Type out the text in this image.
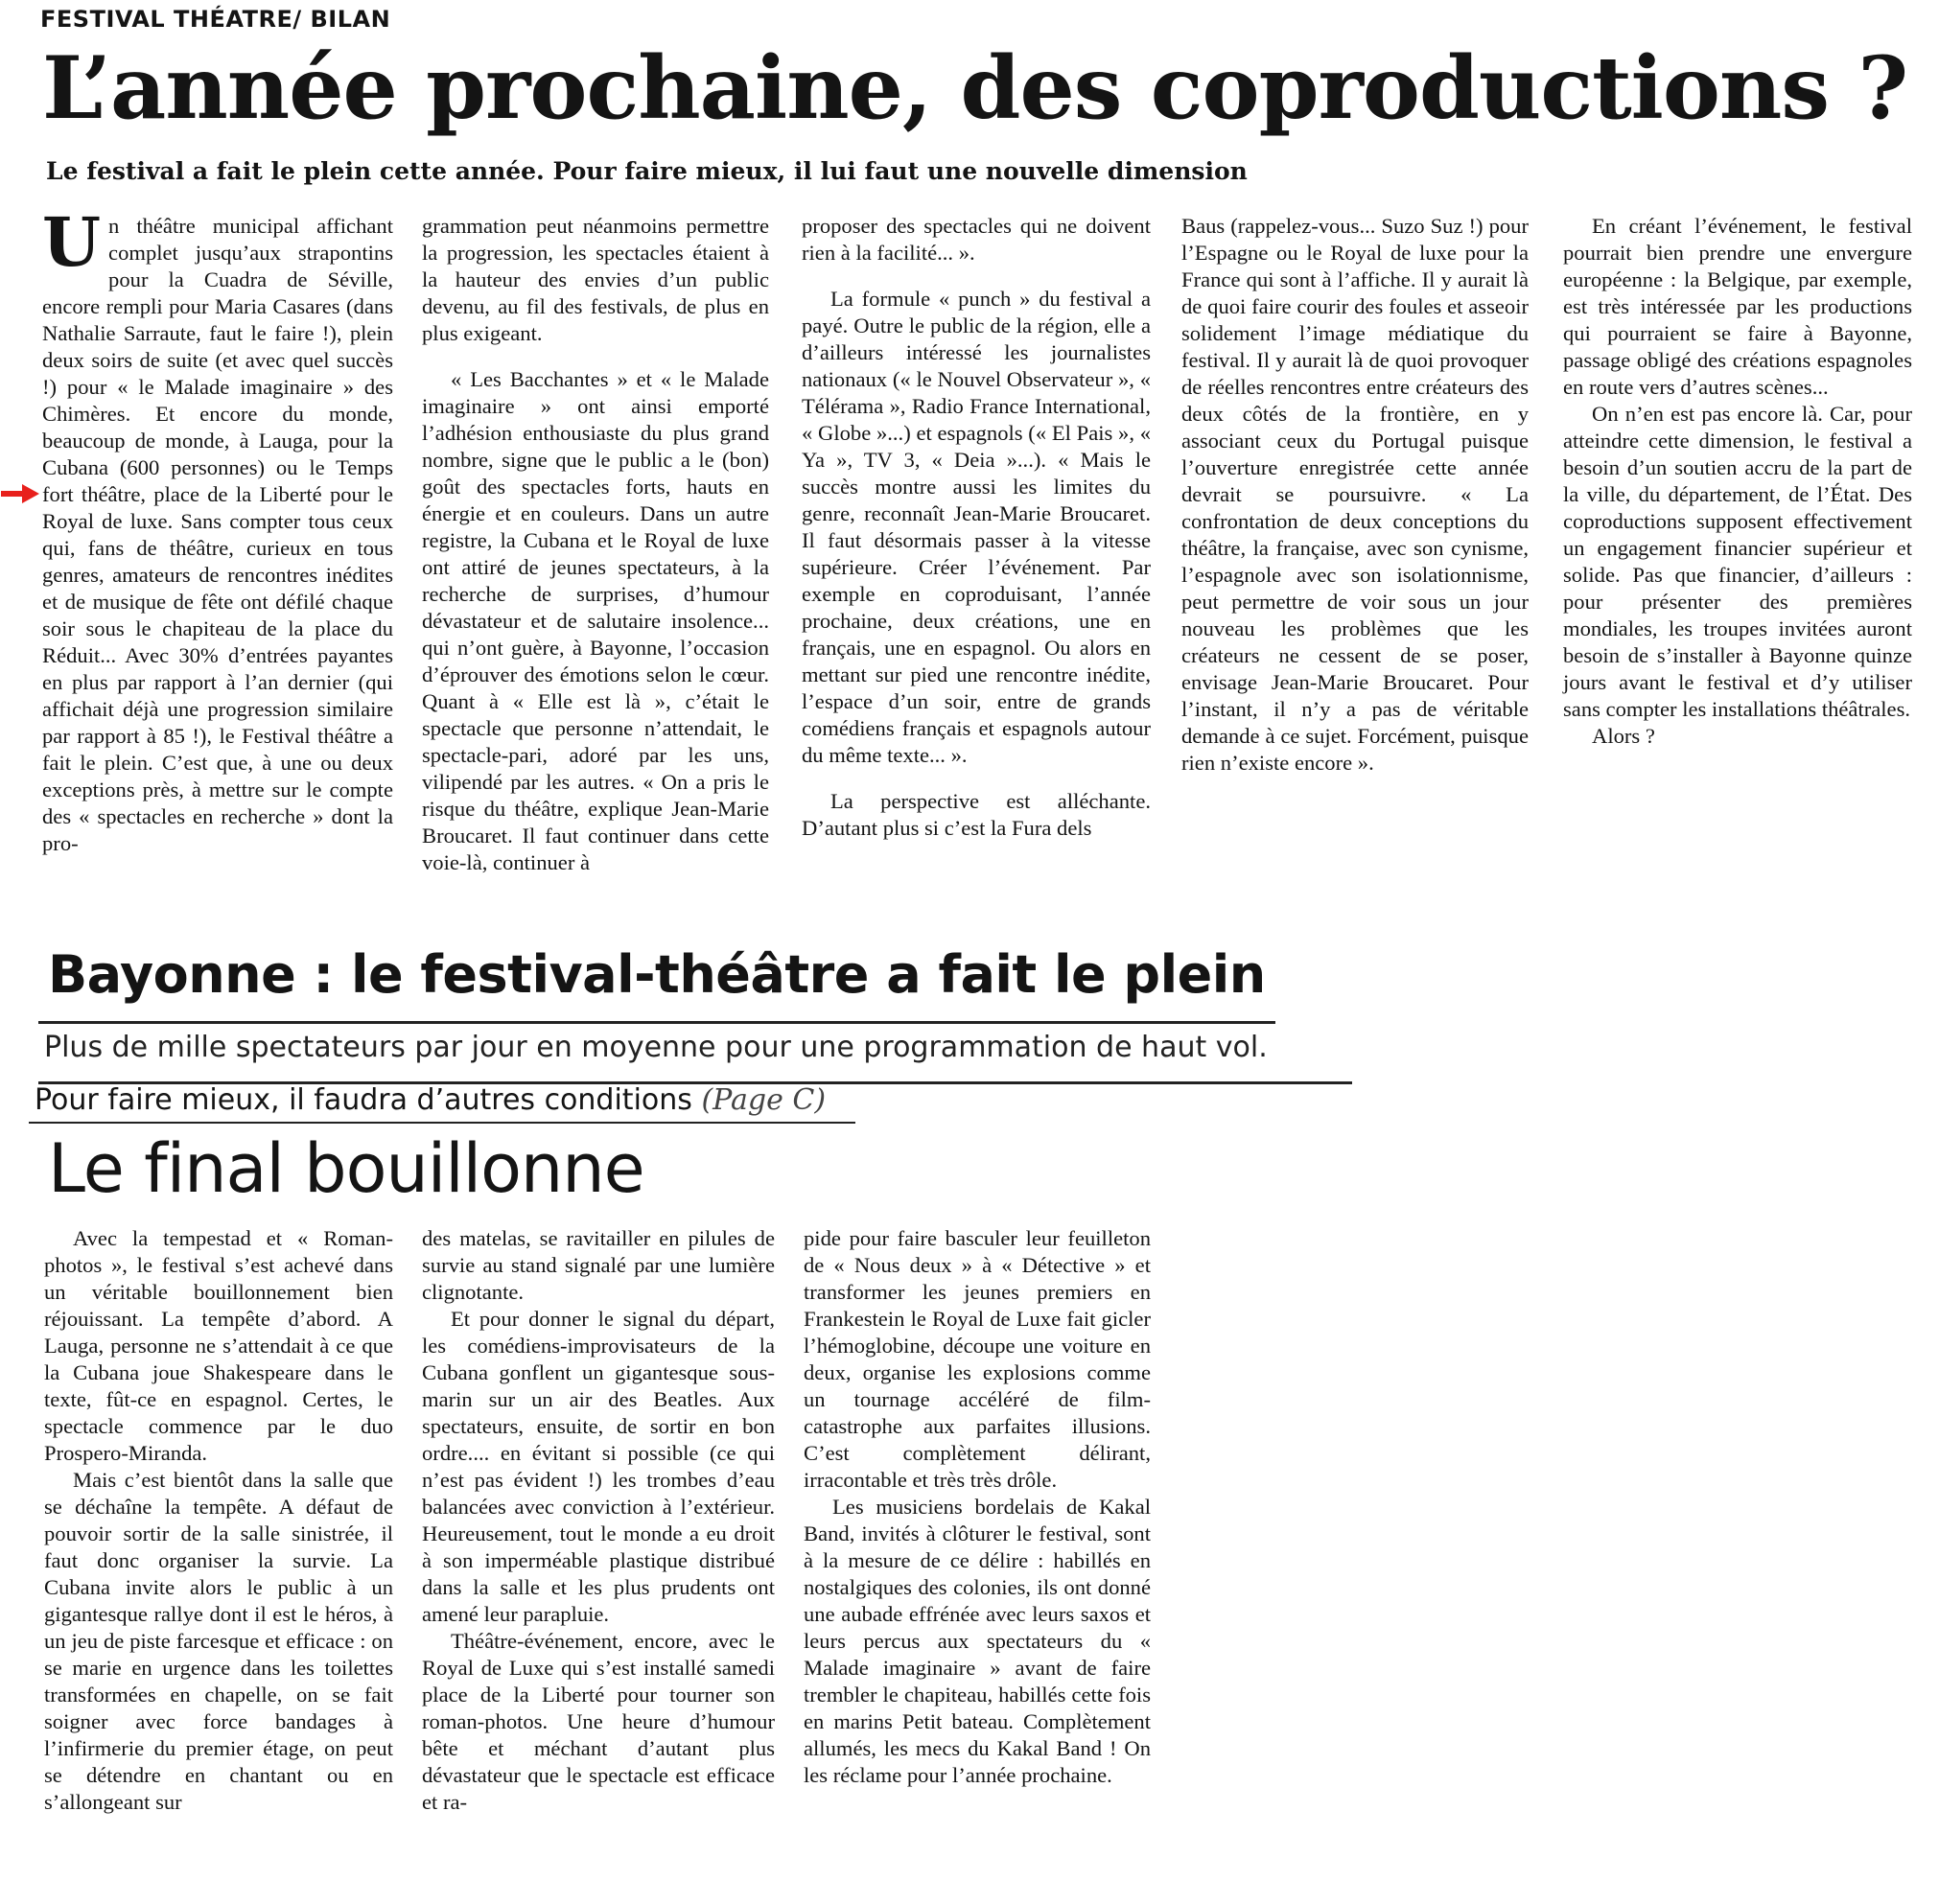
FESTIVAL THÉATRE/ BILAN
L’année prochaine, des coproductions ?
Le festival a fait le plein cette année. Pour faire mieux, il lui faut une nouvelle dimension

Un théâtre municipal affichant complet jusqu’aux strapontins pour la Cuadra de Séville, encore rempli pour Maria Casares (dans Nathalie Sarraute, faut le faire !), plein deux soirs de suite (et avec quel succès !) pour « le Malade imaginaire » des Chimères. Et encore du monde, beaucoup de monde, à Lauga, pour la Cubana (600 personnes) ou le Temps fort théâtre, place de la Liberté pour le Royal de luxe. Sans compter tous ceux qui, fans de théâtre, curieux en tous genres, amateurs de rencontres inédites et de musique de fête ont défilé chaque soir sous le chapiteau de la place du Réduit... Avec 30% d’entrées payantes en plus par rapport à l’an dernier (qui affichait déjà une progression similaire par rapport à 85 !), le Festival théâtre a fait le plein. C’est que, à une ou deux exceptions près, à mettre sur le compte des « spectacles en recherche » dont la pro-

grammation peut néanmoins permettre la progression, les spectacles étaient à la hauteur des envies d’un public devenu, au fil des festivals, de plus en plus exigeant.

« Les Bacchantes » et « le Malade imaginaire » ont ainsi emporté l’adhésion enthousiaste du plus grand nombre, signe que le public a le (bon) goût des spectacles forts, hauts en énergie et en couleurs. Dans un autre registre, la Cubana et le Royal de luxe ont attiré de jeunes spectateurs, à la recherche de surprises, d’humour dévastateur et de salutaire insolence... qui n’ont guère, à Bayonne, l’occasion d’éprouver des émotions selon le cœur. Quant à « Elle est là », c’était le spectacle que personne n’attendait, le spectacle-pari, adoré par les uns, vilipendé par les autres. « On a pris le risque du théâtre, explique Jean-Marie Broucaret. Il faut continuer dans cette voie-là, continuer à

proposer des spectacles qui ne doivent rien à la facilité... ».

La formule « punch » du festival a payé. Outre le public de la région, elle a d’ailleurs intéressé les journalistes nationaux (« le Nouvel Observateur », « Télérama », Radio France International, « Globe »...) et espagnols (« El Pais », « Ya », TV 3, « Deia »...). « Mais le succès montre aussi les limites du genre, reconnaît Jean-Marie Broucaret. Il faut désormais passer à la vitesse supérieure. Créer l’événement. Par exemple en coproduisant, l’année prochaine, deux créations, une en français, une en espagnol. Ou alors en mettant sur pied une rencontre inédite, l’espace d’un soir, entre de grands comédiens français et espagnols autour du même texte... ».

La perspective est alléchante. D’autant plus si c’est la Fura dels

Baus (rappelez-vous... Suzo Suz !) pour l’Espagne ou le Royal de luxe pour la France qui sont à l’affiche. Il y aurait là de quoi faire courir des foules et asseoir solidement l’image médiatique du festival. Il y aurait là de quoi provoquer de réelles rencontres entre créateurs des deux côtés de la frontière, en y associant ceux du Portugal puisque l’ouverture enregistrée cette année devrait se poursuivre. « La confrontation de deux conceptions du théâtre, la française, avec son cynisme, l’espagnole avec son isolationnisme, peut permettre de voir sous un jour nouveau les problèmes que les créateurs ne cessent de se poser, envisage Jean-Marie Broucaret. Pour l’instant, il n’y a pas de véritable demande à ce sujet. Forcément, puisque rien n’existe encore ».

En créant l’événement, le festival pourrait bien prendre une envergure européenne : la Belgique, par exemple, est très intéressée par les productions qui pourraient se faire à Bayonne, passage obligé des créations espagnoles en route vers d’autres scènes...

On n’en est pas encore là. Car, pour atteindre cette dimension, le festival a besoin d’un soutien accru de la part de la ville, du département, de l’État. Des coproductions supposent effectivement un engagement financier supérieur et solide. Pas que financier, d’ailleurs : pour présenter des premières mondiales, les troupes invitées auront besoin de s’installer à Bayonne quinze jours avant le festival et d’y utiliser sans compter les installations théâtrales.

Alors ?

Bayonne : le festival-théâtre a fait le plein
Plus de mille spectateurs par jour en moyenne pour une programmation de haut vol.
Pour faire mieux, il faudra d’autres conditions (Page C)
Le final bouillonne

Avec la tempestad et « Roman-photos », le festival s’est achevé dans un véritable bouillonnement bien réjouissant. La tempête d’abord. A Lauga, personne ne s’attendait à ce que la Cubana joue Shakespeare dans le texte, fût-ce en espagnol. Certes, le spectacle commence par le duo Prospero-Miranda.

Mais c’est bientôt dans la salle que se déchaîne la tempête. A défaut de pouvoir sortir de la salle sinistrée, il faut donc organiser la survie. La Cubana invite alors le public à un gigantesque rallye dont il est le héros, à un jeu de piste farcesque et efficace : on se marie en urgence dans les toilettes transformées en chapelle, on se fait soigner avec force bandages à l’infirmerie du premier étage, on peut se détendre en chantant ou en s’allongeant sur

des matelas, se ravitailler en pilules de survie au stand signalé par une lumière clignotante.

Et pour donner le signal du départ, les comédiens-improvisateurs de la Cubana gonflent un gigantesque sous-marin sur un air des Beatles. Aux spectateurs, ensuite, de sortir en bon ordre.... en évitant si possible (ce qui n’est pas évident !) les trombes d’eau balancées avec conviction à l’extérieur. Heureusement, tout le monde a eu droit à son imperméable plastique distribué dans la salle et les plus prudents ont amené leur parapluie.

Théâtre-événement, encore, avec le Royal de Luxe qui s’est installé samedi place de la Liberté pour tourner son roman-photos. Une heure d’humour bête et méchant d’autant plus dévastateur que le spectacle est efficace et ra-

pide pour faire basculer leur feuilleton de « Nous deux » à « Détective » et transformer les jeunes premiers en Frankestein le Royal de Luxe fait gicler l’hémoglobine, découpe une voiture en deux, organise les explosions comme un tournage accéléré de film-catastrophe aux parfaites illusions. C’est complètement délirant, irracontable et très très drôle.

Les musiciens bordelais de Kakal Band, invités à clôturer le festival, sont à la mesure de ce délire : habillés en nostalgiques des colonies, ils ont donné une aubade effrénée avec leurs saxos et leurs percus aux spectateurs du « Malade imaginaire » avant de faire trembler le chapiteau, habillés cette fois en marins Petit bateau. Complètement allumés, les mecs du Kakal Band ! On les réclame pour l’année prochaine.
